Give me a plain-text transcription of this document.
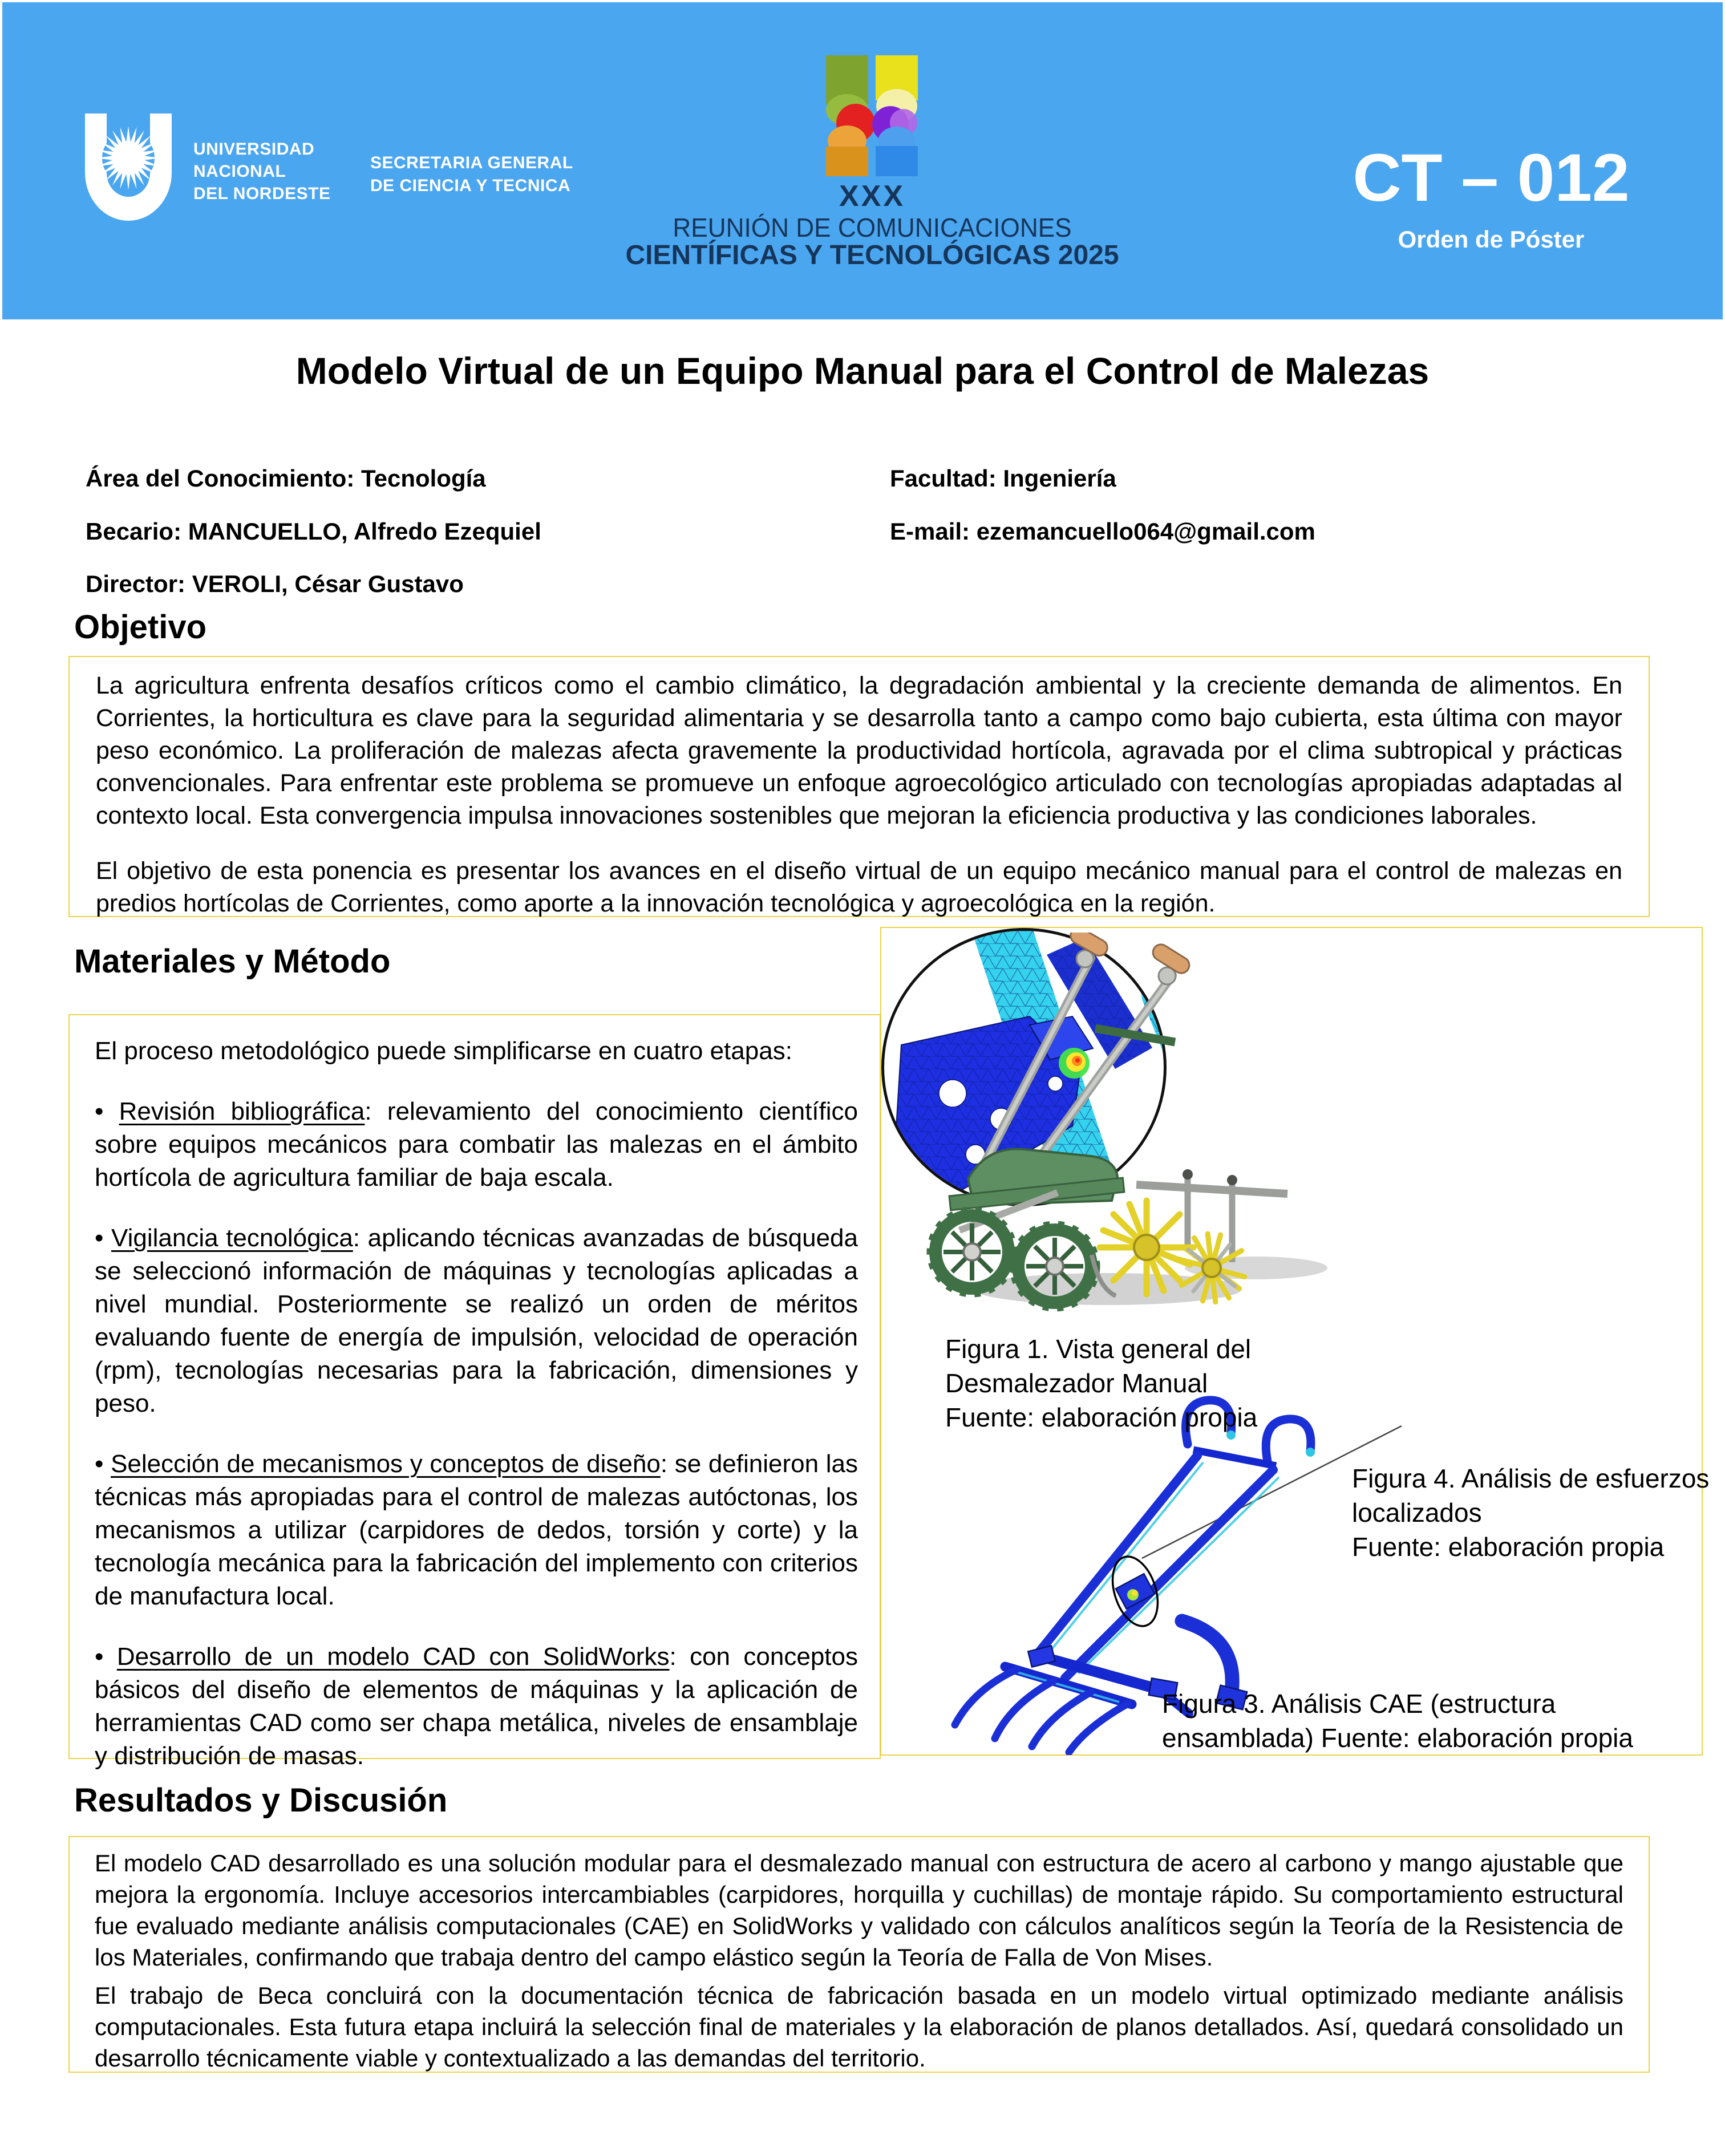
UNIVERSIDAD
NACIONAL
DEL NORDESTE
SECRETARIA GENERAL
DE CIENCIA Y TECNICA	XXX
REUNIÓN DE COMUNICACIONES
CIENTÍFICAS Y TECNOLÓGICAS 2025
CT – 012
Orden de Póster
Modelo Virtual de un Equipo Manual para el Control de Malezas
Área del Conocimiento: Tecnología
Becario: MANCUELLO, Alfredo Ezequiel
Director: VEROLI, César Gustavo
Facultad: Ingeniería
E-mail: ezemancuello064@gmail.com
Objetivo

La agricultura enfrenta desafíos críticos como el cambio climático, la degradación ambiental y la creciente demanda de alimentos. En Corrientes, la horticultura es clave para la seguridad alimentaria y se desarrolla tanto a campo como bajo cubierta, esta última con mayor peso económico. La proliferación de malezas afecta gravemente la productividad hortícola, agravada por el clima subtropical y prácticas convencionales. Para enfrentar este problema se promueve un enfoque agroecológico articulado con tecnologías apropiadas adaptadas al contexto local. Esta convergencia impulsa innovaciones sostenibles que mejoran la eficiencia productiva y las condiciones laborales.

El objetivo de esta ponencia es presentar los avances en el diseño virtual de un equipo mecánico manual para el control de malezas en predios hortícolas de Corrientes, como aporte a la innovación tecnológica y agroecológica en la región.

Materiales y Método

El proceso metodológico puede simplificarse en cuatro etapas:

• Revisión bibliográfica: relevamiento del conocimiento científico sobre equipos mecánicos para combatir las malezas en el ámbito hortícola de agricultura familiar de baja escala.

• Vigilancia tecnológica: aplicando técnicas avanzadas de búsqueda se seleccionó información de máquinas y tecnologías aplicadas a nivel mundial. Posteriormente se realizó un orden de méritos evaluando fuente de energía de impulsión, velocidad de operación (rpm), tecnologías necesarias para la fabricación, dimensiones y peso.

• Selección de mecanismos y conceptos de diseño: se definieron las técnicas más apropiadas para el control de malezas autóctonas, los mecanismos a utilizar (carpidores de dedos, torsión y corte) y la tecnología mecánica para la fabricación del implemento con criterios de manufactura local.

• Desarrollo de un modelo CAD con SolidWorks: con conceptos básicos del diseño de elementos de máquinas y la aplicación de herramientas CAD como ser chapa metálica, niveles de ensamblaje y distribución de masas.

Figura 1. Vista general del
Desmalezador Manual
Fuente: elaboración propia
Figura 4. Análisis de esfuerzos
localizados
Fuente: elaboración propia
Figura 3. Análisis CAE (estructura
ensamblada) Fuente: elaboración propia
Resultados y Discusión

El modelo CAD desarrollado es una solución modular para el desmalezado manual con estructura de acero al carbono y mango ajustable que mejora la ergonomía. Incluye accesorios intercambiables (carpidores, horquilla y cuchillas) de montaje rápido. Su comportamiento estructural fue evaluado mediante análisis computacionales (CAE) en SolidWorks y validado con cálculos analíticos según la Teoría de la Resistencia de los Materiales, confirmando que trabaja dentro del campo elástico según la Teoría de Falla de Von Mises.

El trabajo de Beca concluirá con la documentación técnica de fabricación basada en un modelo virtual optimizado mediante análisis computacionales. Esta futura etapa incluirá la selección final de materiales y la elaboración de planos detallados. Así, quedará consolidado un desarrollo técnicamente viable y contextualizado a las demandas del territorio.
